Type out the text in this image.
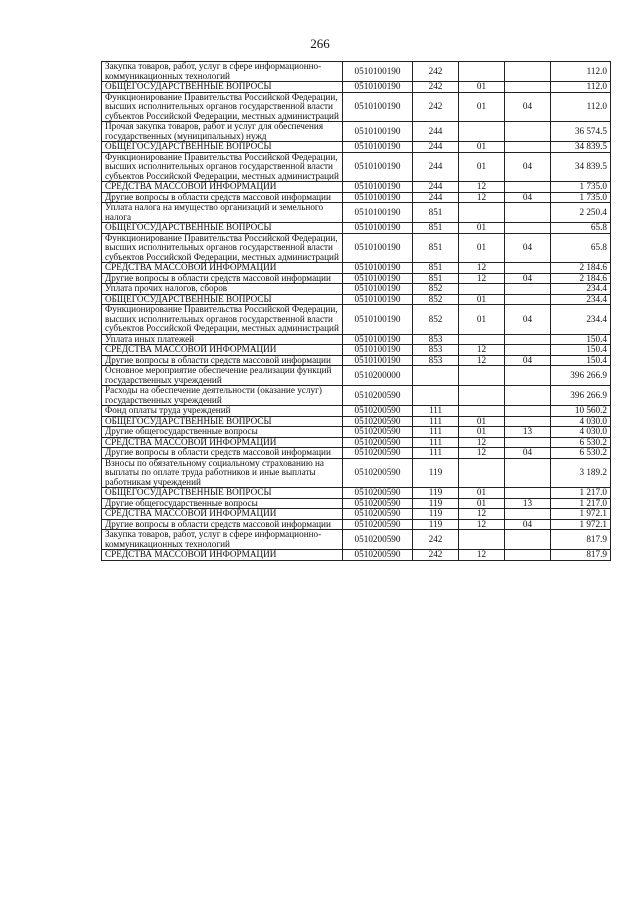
266
Закупка товаров, работ, услуг в сфере информационно-коммуникационных технологий	0510100190	242			112.0
ОБЩЕГОСУДАРСТВЕННЫЕ ВОПРОСЫ	0510100190	242	01		112.0
Функционирование Правительства Российской Федерации, высших исполнительных органов государственной власти субъектов Российской Федерации, местных администраций	0510100190	242	01	04	112.0
Прочая закупка товаров, работ и услуг для обеспечения государственных (муниципальных) нужд	0510100190	244			36 574.5
ОБЩЕГОСУДАРСТВЕННЫЕ ВОПРОСЫ	0510100190	244	01		34 839.5
Функционирование Правительства Российской Федерации, высших исполнительных органов государственной власти субъектов Российской Федерации, местных администраций	0510100190	244	01	04	34 839.5
СРЕДСТВА МАССОВОЙ ИНФОРМАЦИИ	0510100190	244	12		1 735.0
Другие вопросы в области средств массовой информации	0510100190	244	12	04	1 735.0
Уплата налога на имущество организаций и земельного налога	0510100190	851			2 250.4
ОБЩЕГОСУДАРСТВЕННЫЕ ВОПРОСЫ	0510100190	851	01		65.8
Функционирование Правительства Российской Федерации, высших исполнительных органов государственной власти субъектов Российской Федерации, местных администраций	0510100190	851	01	04	65.8
СРЕДСТВА МАССОВОЙ ИНФОРМАЦИИ	0510100190	851	12		2 184.6
Другие вопросы в области средств массовой информации	0510100190	851	12	04	2 184.6
Уплата прочих налогов, сборов	0510100190	852			234.4
ОБЩЕГОСУДАРСТВЕННЫЕ ВОПРОСЫ	0510100190	852	01		234.4
Функционирование Правительства Российской Федерации, высших исполнительных органов государственной власти субъектов Российской Федерации, местных администраций	0510100190	852	01	04	234.4
Уплата иных платежей	0510100190	853			150.4
СРЕДСТВА МАССОВОЙ ИНФОРМАЦИИ	0510100190	853	12		150.4
Другие вопросы в области средств массовой информации	0510100190	853	12	04	150.4
Основное мероприятие обеспечение реализации функций государственных учреждений	0510200000				396 266.9
Расходы на обеспечение деятельности (оказание услуг) государственных учреждений	0510200590				396 266.9
Фонд оплаты труда учреждений	0510200590	111			10 560.2
ОБЩЕГОСУДАРСТВЕННЫЕ ВОПРОСЫ	0510200590	111	01		4 030.0
Другие общегосударственные вопросы	0510200590	111	01	13	4 030.0
СРЕДСТВА МАССОВОЙ ИНФОРМАЦИИ	0510200590	111	12		6 530.2
Другие вопросы в области средств массовой информации	0510200590	111	12	04	6 530.2
Взносы по обязательному социальному страхованию на выплаты по оплате труда работников и иные выплаты работникам учреждений	0510200590	119			3 189.2
ОБЩЕГОСУДАРСТВЕННЫЕ ВОПРОСЫ	0510200590	119	01		1 217.0
Другие общегосударственные вопросы	0510200590	119	01	13	1 217.0
СРЕДСТВА МАССОВОЙ ИНФОРМАЦИИ	0510200590	119	12		1 972.1
Другие вопросы в области средств массовой информации	0510200590	119	12	04	1 972.1
Закупка товаров, работ, услуг в сфере информационно-коммуникационных технологий	0510200590	242			817.9
СРЕДСТВА МАССОВОЙ ИНФОРМАЦИИ	0510200590	242	12		817.9
